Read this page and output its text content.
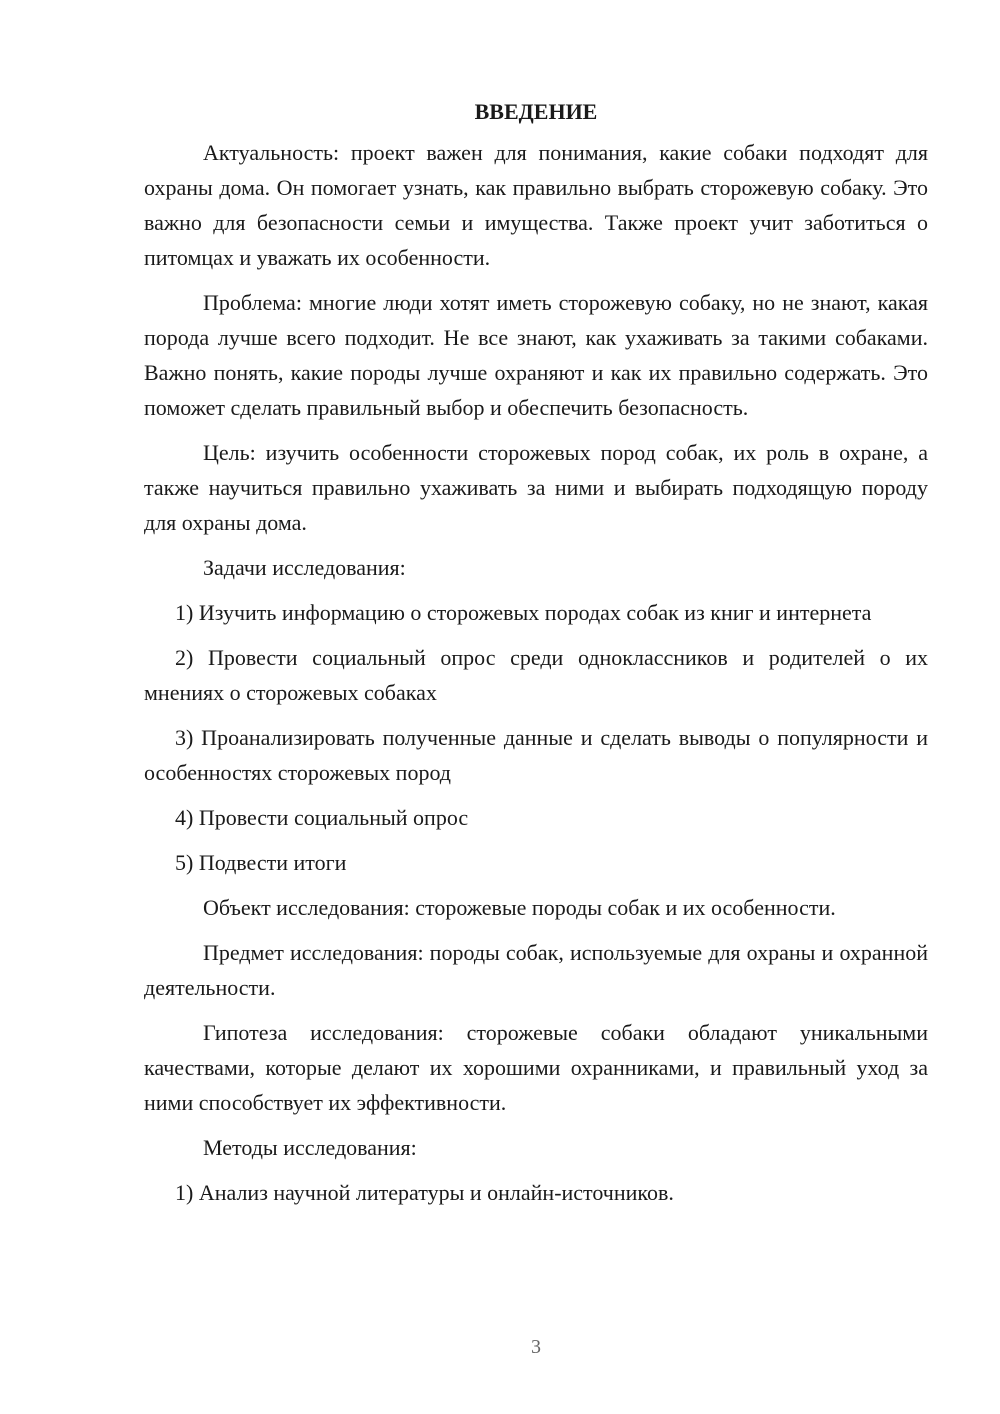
ВВЕДЕНИЕ

Актуальность: проект важен для понимания, какие собаки подходят для охраны дома. Он помогает узнать, как правильно выбрать сторожевую собаку. Это важно для безопасности семьи и имущества. Также проект учит заботиться о питомцах и уважать их особенности.

Проблема: многие люди хотят иметь сторожевую собаку, но не знают, какая порода лучше всего подходит. Не все знают, как ухаживать за такими собаками. Важно понять, какие породы лучше охраняют и как их правильно содержать. Это поможет сделать правильный выбор и обеспечить безопасность.

Цель: изучить особенности сторожевых пород собак, их роль в охране, а также научиться правильно ухаживать за ними и выбирать подходящую породу для охраны дома.

Задачи исследования:

1) Изучить информацию о сторожевых породах собак из книг и интернета

2) Провести социальный опрос среди одноклассников и родителей о их мнениях о сторожевых собаках

3) Проанализировать полученные данные и сделать выводы о популярности и особенностях сторожевых пород

4) Провести социальный опрос

5) Подвести итоги

Объект исследования: сторожевые породы собак и их особенности.

Предмет исследования: породы собак, используемые для охраны и охранной деятельности.

Гипотеза исследования: сторожевые собаки обладают уникальными качествами, которые делают их хорошими охранниками, и правильный уход за ними способствует их эффективности.

Методы исследования:

1) Анализ научной литературы и онлайн-источников.

3
